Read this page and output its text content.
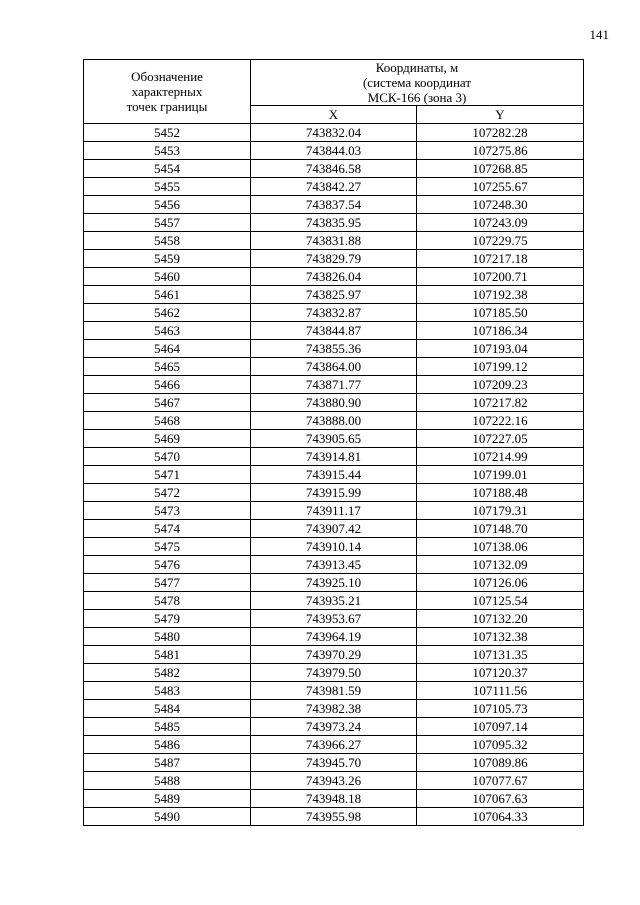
141
Обозначение
характерных
точек границы	Координаты, м
(система координат
МСК-166 (зона 3)	

	X	Y
5452	743832.04	107282.28
5453	743844.03	107275.86
5454	743846.58	107268.85
5455	743842.27	107255.67
5456	743837.54	107248.30
5457	743835.95	107243.09
5458	743831.88	107229.75
5459	743829.79	107217.18
5460	743826.04	107200.71
5461	743825.97	107192.38
5462	743832.87	107185.50
5463	743844.87	107186.34
5464	743855.36	107193.04
5465	743864.00	107199.12
5466	743871.77	107209.23
5467	743880.90	107217.82
5468	743888.00	107222.16
5469	743905.65	107227.05
5470	743914.81	107214.99
5471	743915.44	107199.01
5472	743915.99	107188.48
5473	743911.17	107179.31
5474	743907.42	107148.70
5475	743910.14	107138.06
5476	743913.45	107132.09
5477	743925.10	107126.06
5478	743935.21	107125.54
5479	743953.67	107132.20
5480	743964.19	107132.38
5481	743970.29	107131.35
5482	743979.50	107120.37
5483	743981.59	107111.56
5484	743982.38	107105.73
5485	743973.24	107097.14
5486	743966.27	107095.32
5487	743945.70	107089.86
5488	743943.26	107077.67
5489	743948.18	107067.63
5490	743955.98	107064.33
